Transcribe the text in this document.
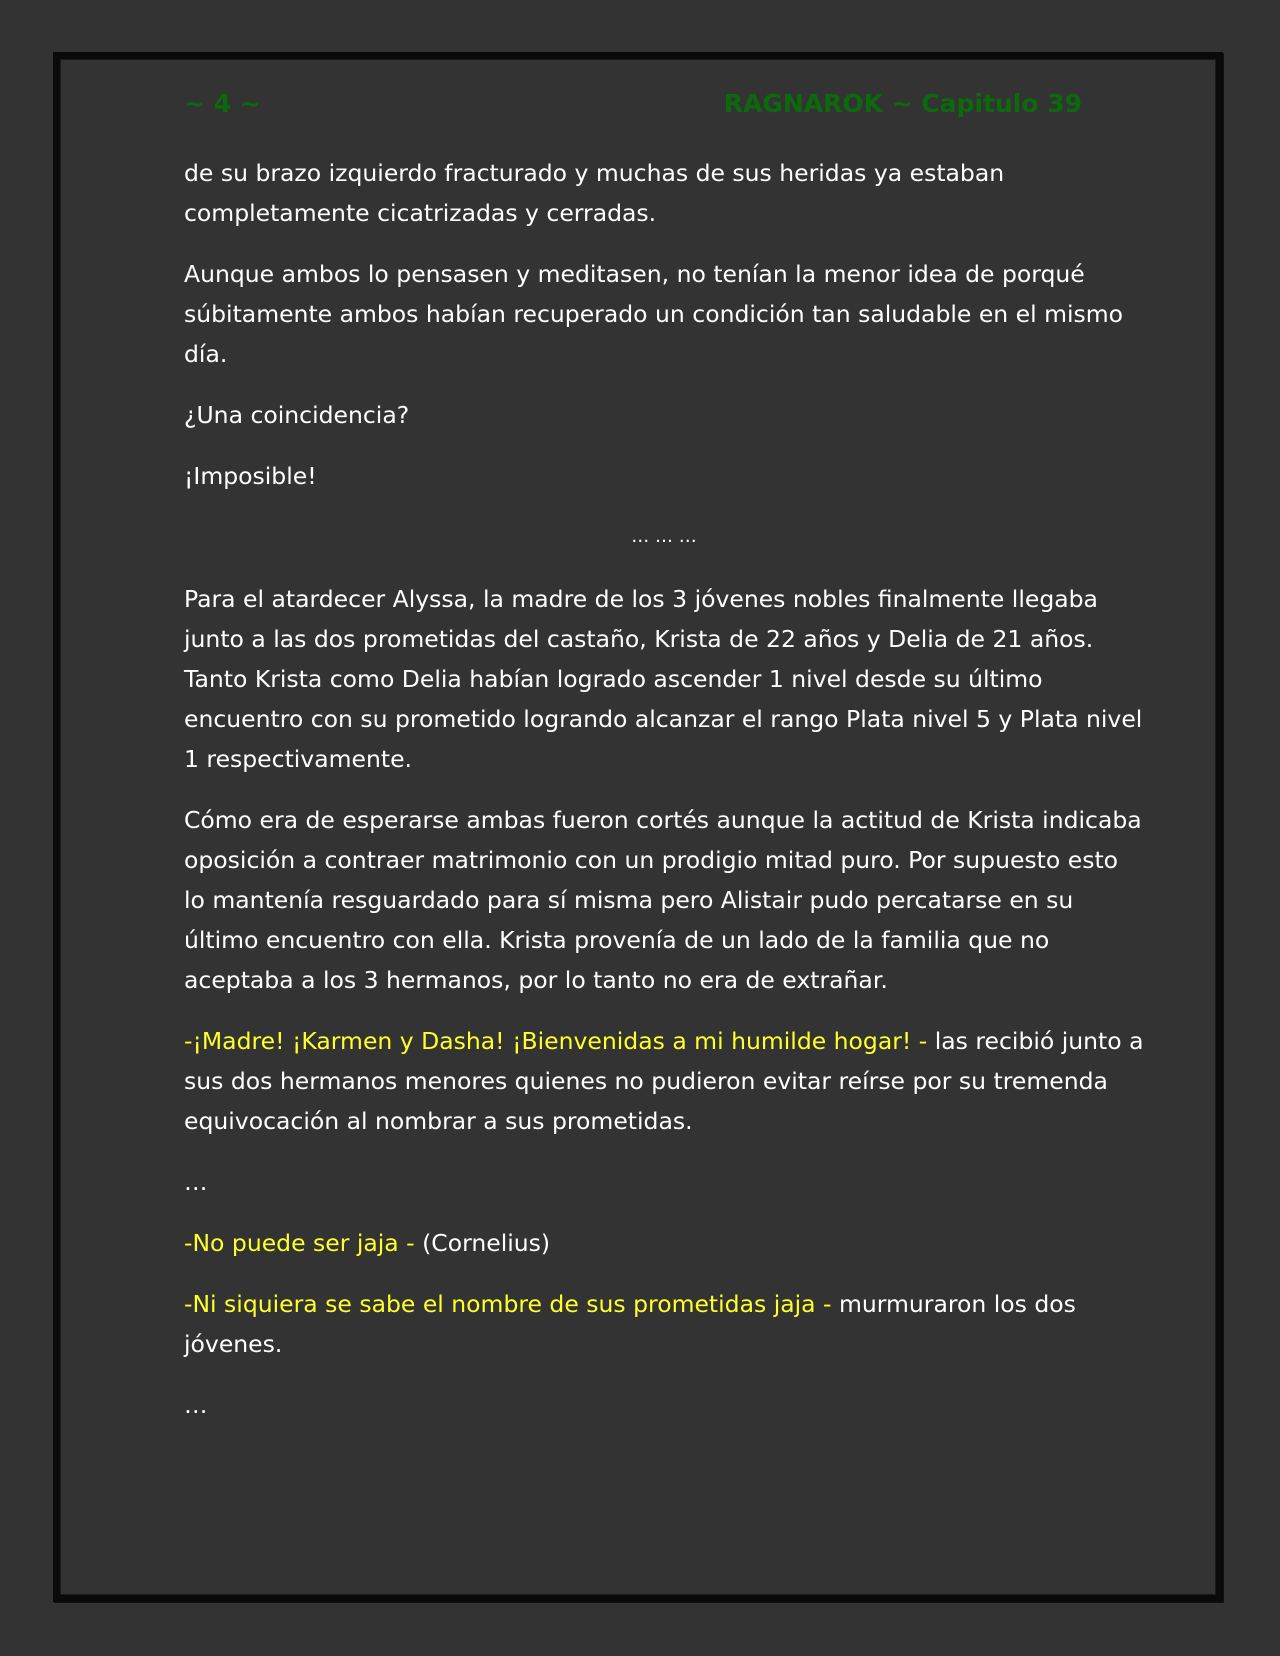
~ 4 ~	RAGNAROK ~ Capitulo 39

de su brazo izquierdo fracturado y muchas de sus heridas ya estaban completamente cicatrizadas y cerradas.

Aunque ambos lo pensasen y meditasen, no tenían la menor idea de porqué súbitamente ambos habían recuperado un condición tan saludable en el mismo día.

¿Una coincidencia?

¡Imposible!

… … …

Para el atardecer Alyssa, la madre de los 3 jóvenes nobles finalmente llegaba junto a las dos prometidas del castaño, Krista de 22 años y Delia de 21 años. Tanto Krista como Delia habían logrado ascender 1 nivel desde su último encuentro con su prometido logrando alcanzar el rango Plata nivel 5 y Plata nivel 1 respectivamente.

Cómo era de esperarse ambas fueron cortés aunque la actitud de Krista indicaba oposición a contraer matrimonio con un prodigio mitad puro. Por supuesto esto lo mantenía resguardado para sí misma pero Alistair pudo percatarse en su último encuentro con ella. Krista provenía de un lado de la familia que no aceptaba a los 3 hermanos, por lo tanto no era de extrañar.

-¡Madre! ¡Karmen y Dasha! ¡Bienvenidas a mi humilde hogar! - las recibió junto a sus dos hermanos menores quienes no pudieron evitar reírse por su tremenda equivocación al nombrar a sus prometidas.

…

-No puede ser jaja - (Cornelius)

-Ni siquiera se sabe el nombre de sus prometidas jaja - murmuraron los dos jóvenes.

…
